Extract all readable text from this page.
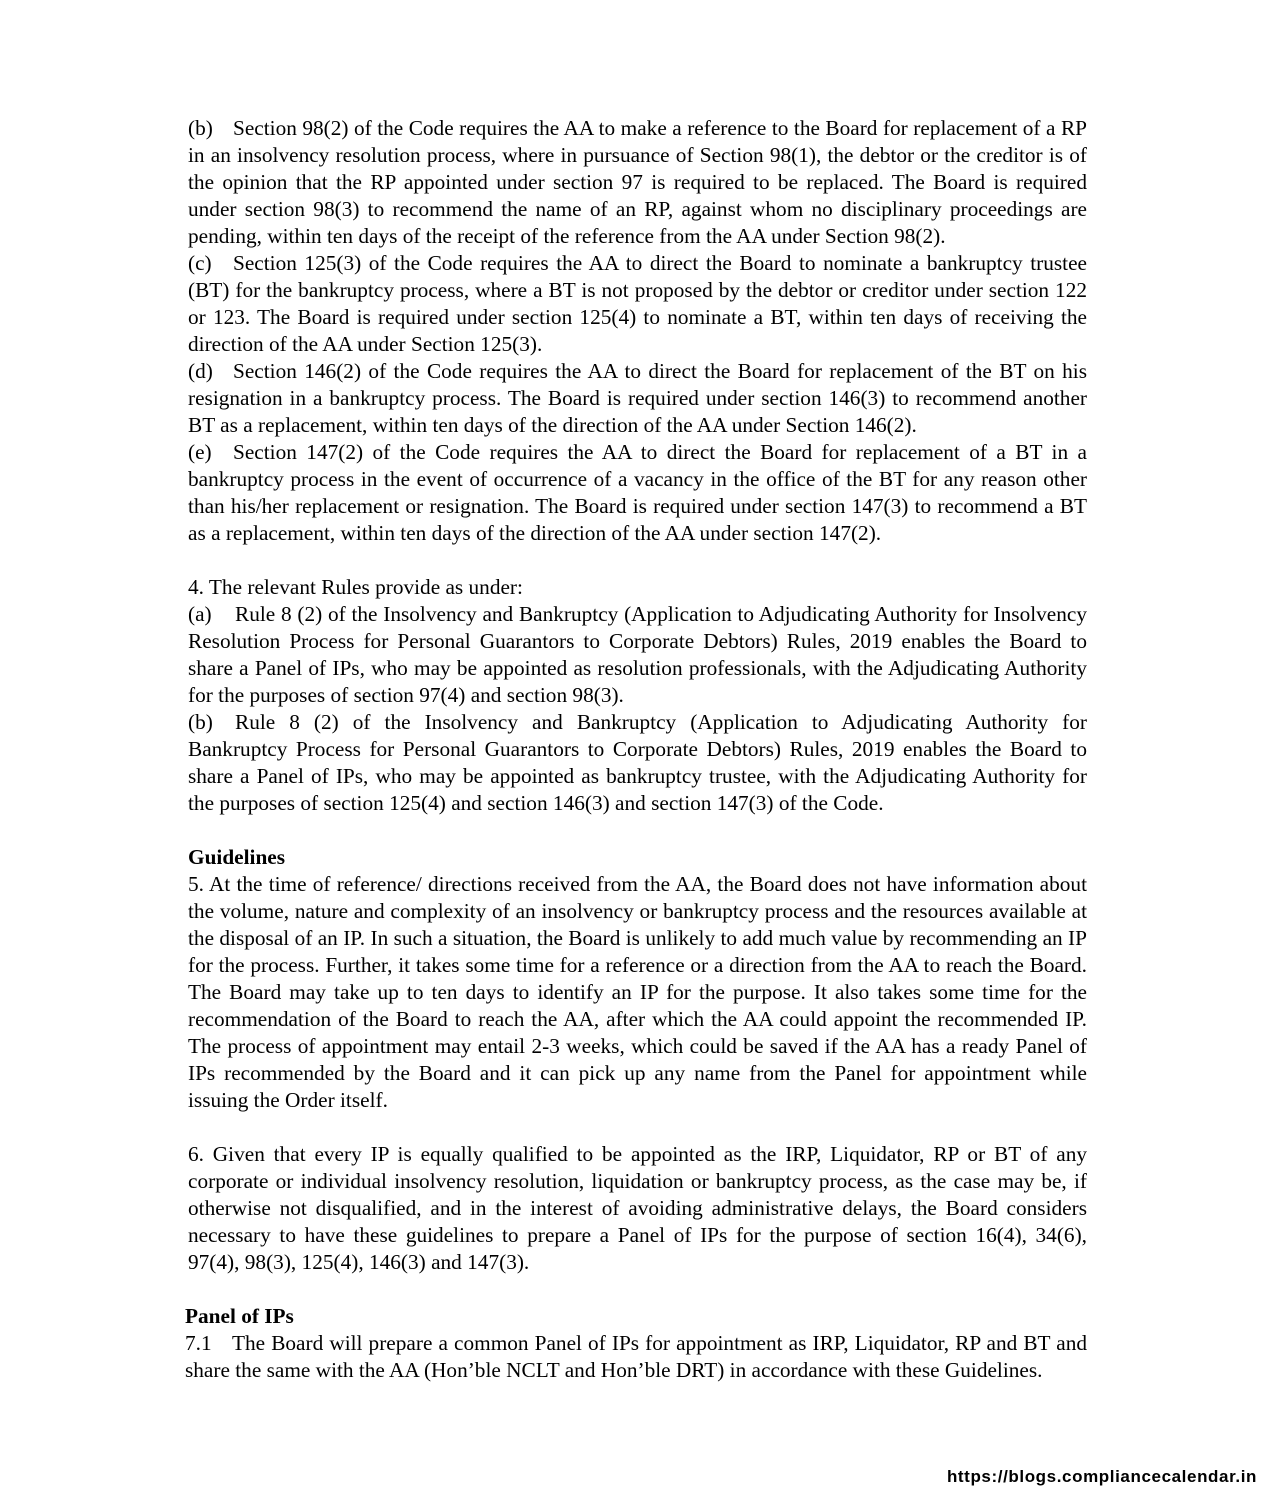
(b) Section 98(2) of the Code requires the AA to make a reference to the Board for replacement of a RP in an insolvency resolution process, where in pursuance of Section 98(1), the debtor or the creditor is of the opinion that the RP appointed under section 97 is required to be replaced. The Board is required under section 98(3) to recommend the name of an RP, against whom no disciplinary proceedings are pending, within ten days of the receipt of the reference from the AA under Section 98(2).

(c) Section 125(3) of the Code requires the AA to direct the Board to nominate a bankruptcy trustee (BT) for the bankruptcy process, where a BT is not proposed by the debtor or creditor under section 122 or 123. The Board is required under section 125(4) to nominate a BT, within ten days of receiving the direction of the AA under Section 125(3).

(d) Section 146(2) of the Code requires the AA to direct the Board for replacement of the BT on his resignation in a bankruptcy process. The Board is required under section 146(3) to recommend another BT as a replacement, within ten days of the direction of the AA under Section 146(2).

(e) Section 147(2) of the Code requires the AA to direct the Board for replacement of a BT in a bankruptcy process in the event of occurrence of a vacancy in the office of the BT for any reason other than his/her replacement or resignation. The Board is required under section 147(3) to recommend a BT as a replacement, within ten days of the direction of the AA under section 147(2).

4. The relevant Rules provide as under:

(a) Rule 8 (2) of the Insolvency and Bankruptcy (Application to Adjudicating Authority for Insolvency Resolution Process for Personal Guarantors to Corporate Debtors) Rules, 2019 enables the Board to share a Panel of IPs, who may be appointed as resolution professionals, with the Adjudicating Authority for the purposes of section 97(4) and section 98(3).

(b) Rule 8 (2) of the Insolvency and Bankruptcy (Application to Adjudicating Authority for Bankruptcy Process for Personal Guarantors to Corporate Debtors) Rules, 2019 enables the Board to share a Panel of IPs, who may be appointed as bankruptcy trustee, with the Adjudicating Authority for the purposes of section 125(4) and section 146(3) and section 147(3) of the Code.

Guidelines

5. At the time of reference/ directions received from the AA, the Board does not have information about the volume, nature and complexity of an insolvency or bankruptcy process and the resources available at the disposal of an IP. In such a situation, the Board is unlikely to add much value by recommending an IP for the process. Further, it takes some time for a reference or a direction from the AA to reach the Board. The Board may take up to ten days to identify an IP for the purpose. It also takes some time for the recommendation of the Board to reach the AA, after which the AA could appoint the recommended IP. The process of appointment may entail 2-3 weeks, which could be saved if the AA has a ready Panel of IPs recommended by the Board and it can pick up any name from the Panel for appointment while issuing the Order itself.

6. Given that every IP is equally qualified to be appointed as the IRP, Liquidator, RP or BT of any corporate or individual insolvency resolution, liquidation or bankruptcy process, as the case may be, if otherwise not disqualified, and in the interest of avoiding administrative delays, the Board considers necessary to have these guidelines to prepare a Panel of IPs for the purpose of section 16(4), 34(6), 97(4), 98(3), 125(4), 146(3) and 147(3).

Panel of IPs

7.1 The Board will prepare a common Panel of IPs for appointment as IRP, Liquidator, RP and BT and share the same with the AA (Hon’ble NCLT and Hon’ble DRT) in accordance with these Guidelines.

https://blogs.compliancecalendar.in
